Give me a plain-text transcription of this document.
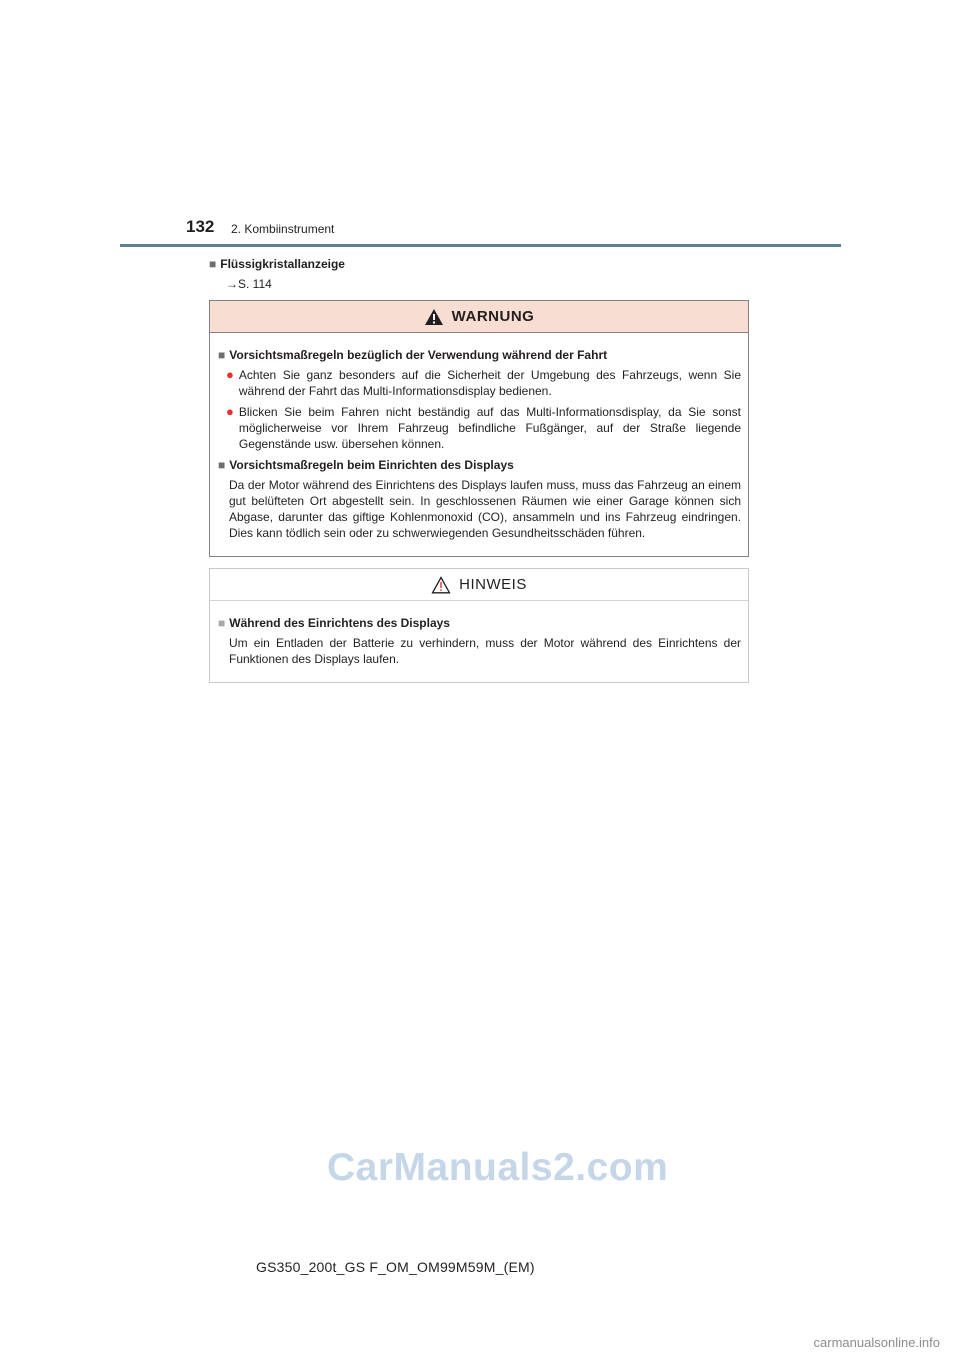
132 2. Kombiinstrument
■ Flüssigkristallanzeige
→S. 114
WARNUNG
■ Vorsichtsmaßregeln bezüglich der Verwendung während der Fahrt
● Achten Sie ganz besonders auf die Sicherheit der Umgebung des Fahrzeugs, wenn Sie während der Fahrt das Multi-Informationsdisplay bedienen.
● Blicken Sie beim Fahren nicht beständig auf das Multi-Informationsdisplay, da Sie sonst möglicherweise vor Ihrem Fahrzeug befindliche Fußgänger, auf der Straße liegende Gegenstände usw. übersehen können.
■ Vorsichtsmaßregeln beim Einrichten des Displays
Da der Motor während des Einrichtens des Displays laufen muss, muss das Fahrzeug an einem gut belüfteten Ort abgestellt sein. In geschlossenen Räumen wie einer Garage können sich Abgase, darunter das giftige Kohlenmonoxid (CO), ansammeln und ins Fahrzeug eindringen. Dies kann tödlich sein oder zu schwerwiegenden Gesundheitsschäden führen.
HINWEIS
■ Während des Einrichtens des Displays
Um ein Entladen der Batterie zu verhindern, muss der Motor während des Einrichtens der Funktionen des Displays laufen.
CarManuals2.com
GS350_200t_GS F_OM_OM99M59M_(EM)
carmanualsonline.info
